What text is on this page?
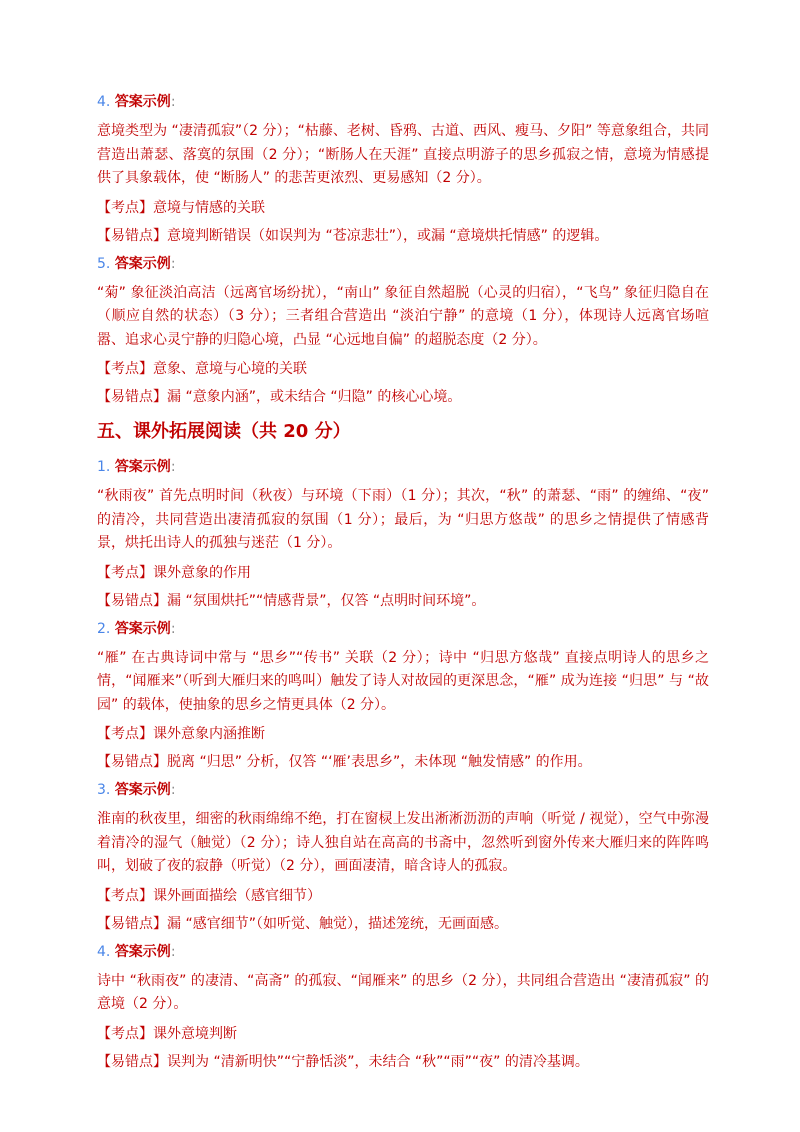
4. 答案示例:
意境类型为 “凄清孤寂”（2 分）；“枯藤、老树、昏鸦、古道、西风、瘦马、夕阳” 等意象组合，共同营造出萧瑟、落寞的氛围（2 分）；“断肠人在天涯” 直接点明游子的思乡孤寂之情，意境为情感提供了具象载体，使 “断肠人” 的悲苦更浓烈、更易感知（2 分）。
【考点】意境与情感的关联
【易错点】意境判断错误（如误判为 “苍凉悲壮”），或漏 “意境烘托情感” 的逻辑。
5. 答案示例:
“菊” 象征淡泊高洁（远离官场纷扰），“南山” 象征自然超脱（心灵的归宿），“飞鸟” 象征归隐自在（顺应自然的状态）（3 分）；三者组合营造出 “淡泊宁静” 的意境（1 分），体现诗人远离官场喧嚣、追求心灵宁静的归隐心境，凸显 “心远地自偏” 的超脱态度（2 分）。
【考点】意象、意境与心境的关联
【易错点】漏 “意象内涵”，或未结合 “归隐” 的核心心境。
五、课外拓展阅读（共 20 分）
1. 答案示例:
“秋雨夜” 首先点明时间（秋夜）与环境（下雨）（1 分）；其次，“秋” 的萧瑟、“雨” 的缠绵、“夜” 的清冷，共同营造出凄清孤寂的氛围（1 分）；最后，为 “归思方悠哉” 的思乡之情提供了情感背景，烘托出诗人的孤独与迷茫（1 分）。
【考点】课外意象的作用
【易错点】漏 “氛围烘托”“情感背景”，仅答 “点明时间环境”。
2. 答案示例:
“雁” 在古典诗词中常与 “思乡”“传书” 关联（2 分）；诗中 “归思方悠哉” 直接点明诗人的思乡之情，“闻雁来”（听到大雁归来的鸣叫）触发了诗人对故园的更深思念，“雁” 成为连接 “归思” 与 “故园” 的载体，使抽象的思乡之情更具体（2 分）。
【考点】课外意象内涵推断
【易错点】脱离 “归思” 分析，仅答 “‘雁’表思乡”，未体现 “触发情感” 的作用。
3. 答案示例:
淮南的秋夜里，细密的秋雨绵绵不绝，打在窗棂上发出淅淅沥沥的声响（听觉 / 视觉），空气中弥漫着清冷的湿气（触觉）（2 分）；诗人独自站在高高的书斋中，忽然听到窗外传来大雁归来的阵阵鸣叫，划破了夜的寂静（听觉）（2 分），画面凄清，暗含诗人的孤寂。
【考点】课外画面描绘（感官细节）
【易错点】漏 “感官细节”（如听觉、触觉），描述笼统，无画面感。
4. 答案示例:
诗中 “秋雨夜” 的凄清、“高斋” 的孤寂、“闻雁来” 的思乡（2 分），共同组合营造出 “凄清孤寂” 的意境（2 分）。
【考点】课外意境判断
【易错点】误判为 “清新明快”“宁静恬淡”，未结合 “秋”“雨”“夜” 的清冷基调。
